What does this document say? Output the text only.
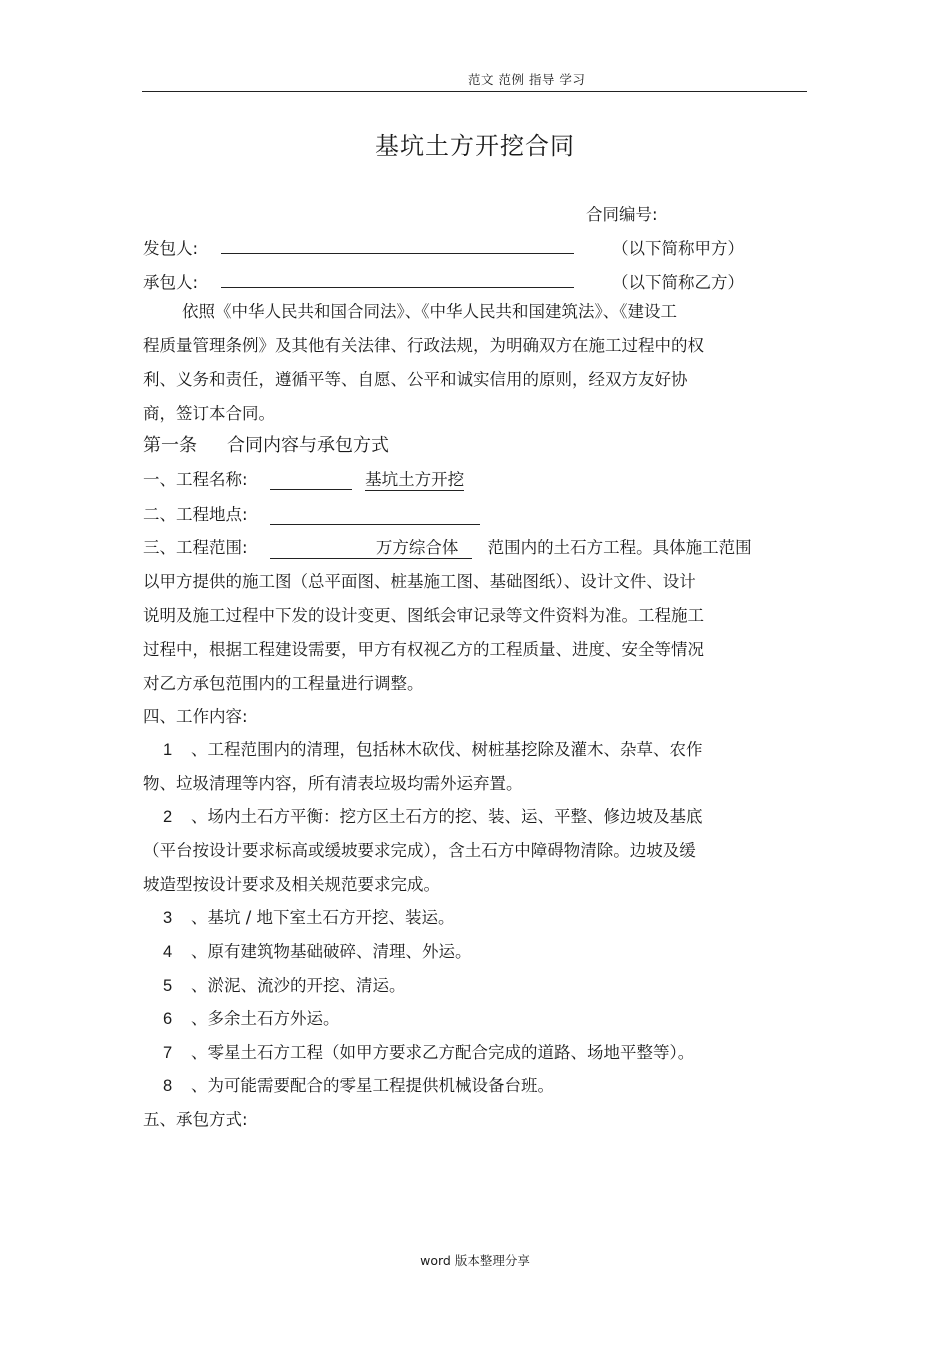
范文 范例 指导 学习
基坑土方开挖合同
合同编号:
发包人:	（以下简称甲方）
承包人:	（以下简称乙方）
依照《中华人民共和国合同法》、《中华人民共和国建筑法》、《建设工
程质量管理条例》及其他有关法律、行政法规，为明确双方在施工过程中的权
利、义务和责任，遵循平等、自愿、公平和诚实信用的原则，经双方友好协
商，签订本合同。
第一条 合同内容与承包方式
一、工程名称:	基坑土方开挖
二、工程地点:
三、工程范围:	万方综合体 范围内的土石方工程。具体施工范围
以甲方提供的施工图（总平面图、桩基施工图、基础图纸）、设计文件、设计
说明及施工过程中下发的设计变更、图纸会审记录等文件资料为准。工程施工
过程中，根据工程建设需要，甲方有权视乙方的工程质量、进度、安全等情况
对乙方承包范围内的工程量进行调整。
四、工作内容:
1 、工程范围内的清理，包括林木砍伐、树桩基挖除及灌木、杂草、农作
物、垃圾清理等内容，所有清表垃圾均需外运弃置。
2 、场内土石方平衡：挖方区土石方的挖、装、运、平整、修边坡及基底
（平台按设计要求标高或缓坡要求完成），含土石方中障碍物清除。边坡及缓
坡造型按设计要求及相关规范要求完成。
3 、基坑 / 地下室土石方开挖、装运。
4 、原有建筑物基础破碎、清理、外运。
5 、淤泥、流沙的开挖、清运。
6 、多余土石方外运。
7 、零星土石方工程（如甲方要求乙方配合完成的道路、场地平整等）。
8 、为可能需要配合的零星工程提供机械设备台班。
五、承包方式:
word 版本整理分享
